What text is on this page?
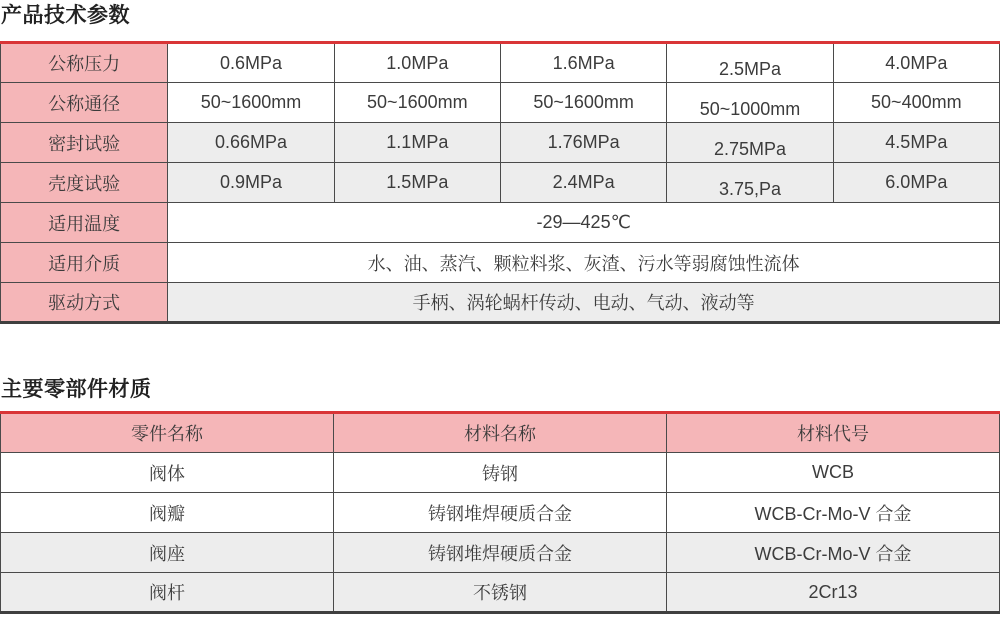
产品技术参数
公称压力	0.6MPa	1.0MPa	1.6MPa	2.5MPa	4.0MPa
公称通径	50~1600mm	50~1600mm	50~1600mm	50~1000mm	50~400mm
密封试验	0.66MPa	1.1MPa	1.76MPa	2.75MPa	4.5MPa
壳度试验	0.9MPa	1.5MPa	2.4MPa	3.75,Pa	6.0MPa
适用温度	-29—425℃				
适用介质	水、油、蒸汽、颗粒料浆、灰渣、污水等弱腐蚀性流体				
驱动方式	手柄、涡轮蜗杆传动、电动、气动、液动等				
主要零部件材质
零件名称	材料名称	材料代号
阀体	铸钢	WCB
阀瓣	铸钢堆焊硬质合金	WCB-Cr-Mo-V 合金
阀座	铸钢堆焊硬质合金	WCB-Cr-Mo-V 合金
阀杆	不锈钢	2Cr13
